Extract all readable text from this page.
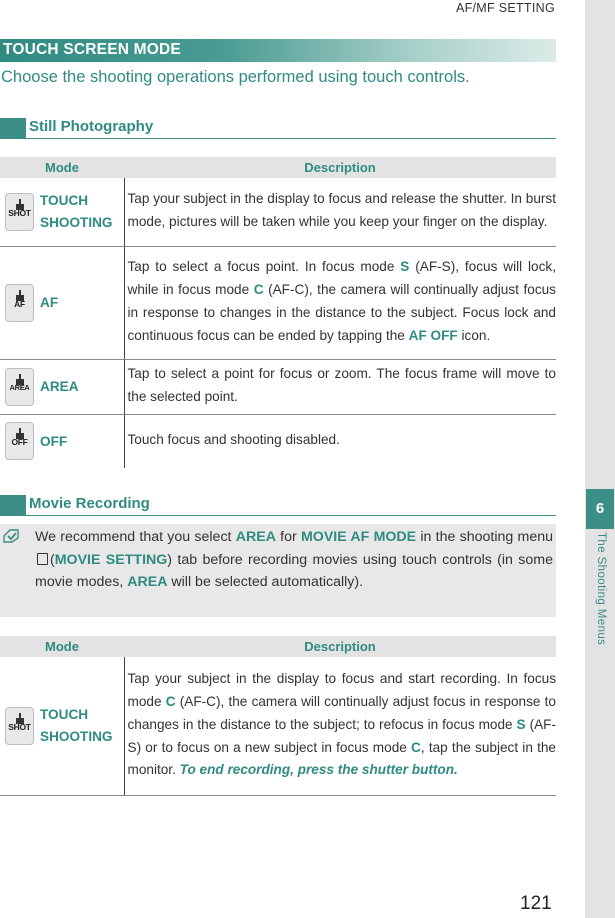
AF/MF SETTING
6
The Shooting Menus
TOUCH SCREEN MODE
Choose the shooting operations performed using touch controls.
Still Photography
Mode	Description

SHOT
TOUCH SHOOTING	Tap your subject in the display to focus and release the shutter. In burst mode, pictures will be taken while you keep your finger on the display.

AF AF	Tap to select a focus point. In focus mode S (AF-S), focus will lock, while in focus mode C (AF-C), the camera will continually adjust focus in response to changes in the distance to the subject. Focus lock and continuous focus can be ended by tapping the AF OFF icon.

AREA AREA	Tap to select a point for focus or zoom. The focus frame will move to the selected point.

OFF OFF	Touch focus and shooting disabled.
Movie Recording
We recommend that you select AREA for MOVIE AF MODE in the shooting menu (MOVIE SETTING) tab before recording movies using touch controls (in some movie modes, AREA will be selected automatically).
Mode	Description

SHOT
TOUCH SHOOTING	Tap your subject in the display to focus and start recording. In focus mode C (AF-C), the camera will continually adjust focus in response to changes in the distance to the subject; to refocus in focus mode S (AF-S) or to focus on a new subject in focus mode C, tap the subject in the monitor. To end recording, press the shutter button.
121
